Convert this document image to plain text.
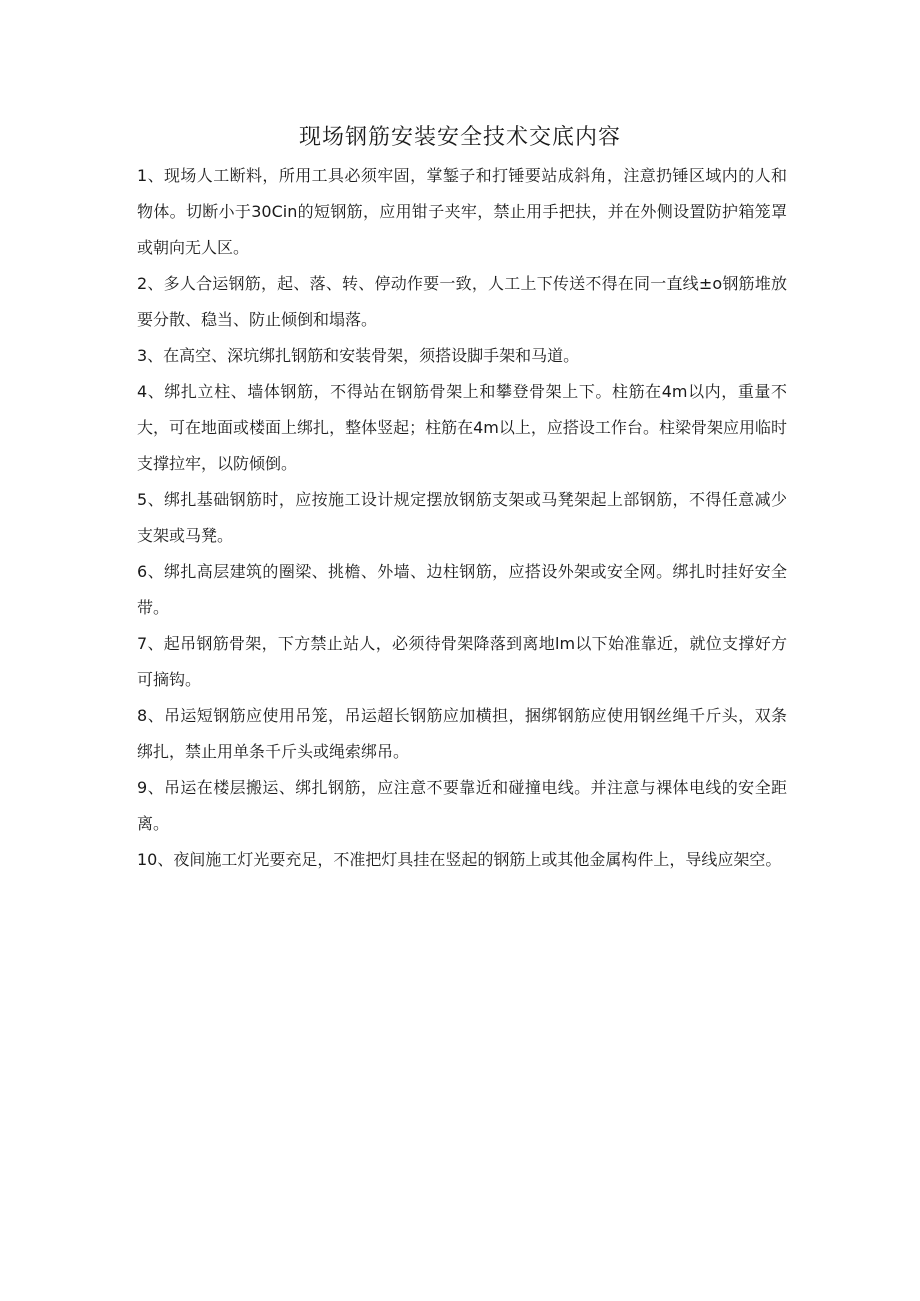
现场钢筋安装安全技术交底内容

1、现场人工断料，所用工具必须牢固，掌錾子和打锤要站成斜角，注意扔锤区域内的人和物体。切断小于30Cin的短钢筋，应用钳子夹牢，禁止用手把扶，并在外侧设置防护箱笼罩或朝向无人区。

2、多人合运钢筋，起、落、转、停动作要一致，人工上下传送不得在同一直线±o钢筋堆放要分散、稳当、防止倾倒和塌落。

3、在高空、深坑绑扎钢筋和安装骨架，须搭设脚手架和马道。

4、绑扎立柱、墙体钢筋，不得站在钢筋骨架上和攀登骨架上下。柱筋在4m以内，重量不大，可在地面或楼面上绑扎，整体竖起；柱筋在4m以上，应搭设工作台。柱梁骨架应用临时支撑拉牢，以防倾倒。

5、绑扎基础钢筋时，应按施工设计规定摆放钢筋支架或马凳架起上部钢筋，不得任意减少支架或马凳。

6、绑扎高层建筑的圈梁、挑檐、外墙、边柱钢筋，应搭设外架或安全网。绑扎时挂好安全带。

7、起吊钢筋骨架，下方禁止站人，必须待骨架降落到离地lm以下始准靠近，就位支撑好方可摘钩。

8、吊运短钢筋应使用吊笼，吊运超长钢筋应加横担，捆绑钢筋应使用钢丝绳千斤头，双条绑扎，禁止用单条千斤头或绳索绑吊。

9、吊运在楼层搬运、绑扎钢筋，应注意不要靠近和碰撞电线。并注意与裸体电线的安全距离。

10、夜间施工灯光要充足，不准把灯具挂在竖起的钢筋上或其他金属构件上，导线应架空。
